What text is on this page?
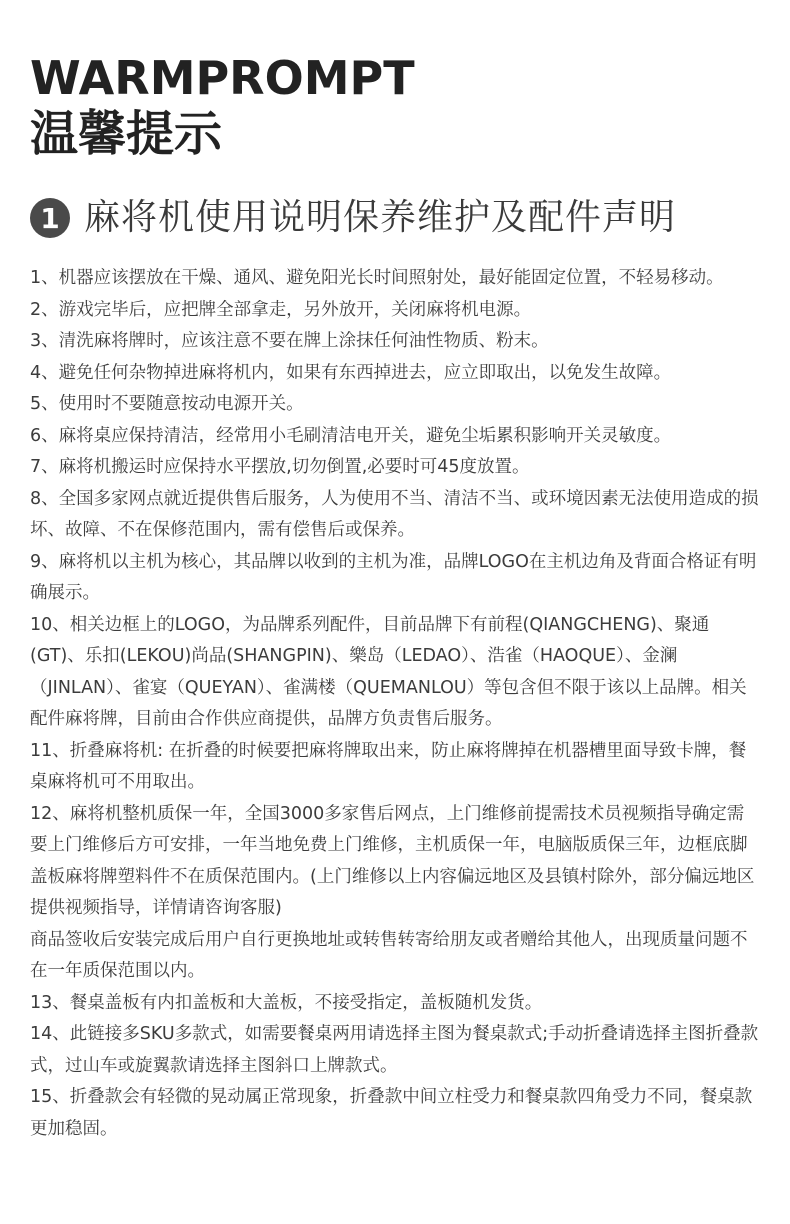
WARMPROMPT
温馨提示
1 麻将机使用说明保养维护及配件声明

1、机器应该摆放在干燥、通风、避免阳光长时间照射处，最好能固定位置，不轻易移动。

2、游戏完毕后，应把牌全部拿走，另外放开，关闭麻将机电源。

3、清洗麻将牌时，应该注意不要在牌上涂抹任何油性物质、粉末。

4、避免任何杂物掉进麻将机内，如果有东西掉进去，应立即取出，以免发生故障。

5、使用时不要随意按动电源开关。

6、麻将桌应保持清洁，经常用小毛刷清洁电开关，避免尘垢累积影响开关灵敏度。

7、麻将机搬运时应保持水平摆放,切勿倒置,必要时可45度放置。

8、全国多家网点就近提供售后服务，人为使用不当、清洁不当、或环境因素无法使用造成的损坏、故障、不在保修范围内，需有偿售后或保养。

9、麻将机以主机为核心，其品牌以收到的主机为准，品牌LOGO在主机边角及背面合格证有明确展示。

10、相关边框上的LOGO，为品牌系列配件，目前品牌下有前程(QIANGCHENG)、聚通(GT)、乐扣(LEKOU)尚品(SHANGPIN)、樂岛（LEDAO）、浩雀（HAOQUE）、金澜（JINLAN）、雀宴（QUEYAN）、雀满楼（QUEMANLOU）等包含但不限于该以上品牌。相关配件麻将牌，目前由合作供应商提供，品牌方负责售后服务。

11、折叠麻将机: 在折叠的时候要把麻将牌取出来，防止麻将牌掉在机器槽里面导致卡牌，餐桌麻将机可不用取出。

12、麻将机整机质保一年，全国3000多家售后网点，上门维修前提需技术员视频指导确定需要上门维修后方可安排，一年当地免费上门维修，主机质保一年，电脑版质保三年，边框底脚盖板麻将牌塑料件不在质保范围内。(上门维修以上内容偏远地区及县镇村除外，部分偏远地区提供视频指导，详情请咨询客服)

商品签收后安装完成后用户自行更换地址或转售转寄给朋友或者赠给其他人，出现质量问题不在一年质保范围以内。

13、餐桌盖板有内扣盖板和大盖板，不接受指定，盖板随机发货。

14、此链接多SKU多款式，如需要餐桌两用请选择主图为餐桌款式;手动折叠请选择主图折叠款式，过山车或旋翼款请选择主图斜口上牌款式。

15、折叠款会有轻微的晃动属正常现象，折叠款中间立柱受力和餐桌款四角受力不同，餐桌款更加稳固。
